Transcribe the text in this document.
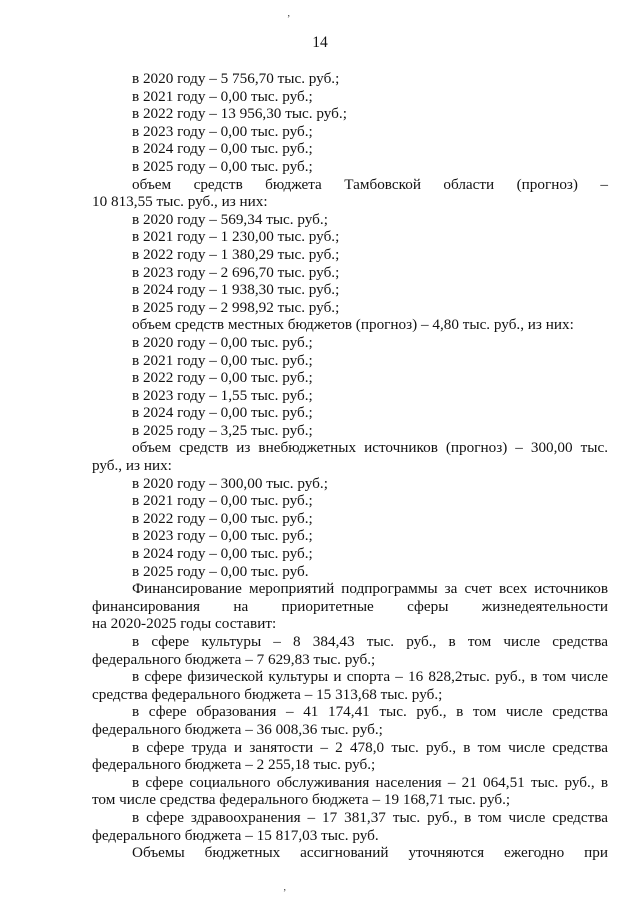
ʼ
14
в 2020 году – 5 756,70 тыс. руб.;
в 2021 году – 0,00 тыс. руб.;
в 2022 году – 13 956,30 тыс. руб.;
в 2023 году – 0,00 тыс. руб.;
в 2024 году – 0,00 тыс. руб.;
в 2025 году – 0,00 тыс. руб.;
объем средств бюджета Тамбовской области (прогноз) –
10 813,55 тыс. руб., из них:
в 2020 году – 569,34 тыс. руб.;
в 2021 году – 1 230,00 тыс. руб.;
в 2022 году – 1 380,29 тыс. руб.;
в 2023 году – 2 696,70 тыс. руб.;
в 2024 году – 1 938,30 тыс. руб.;
в 2025 году – 2 998,92 тыс. руб.;
объем средств местных бюджетов (прогноз) – 4,80 тыс. руб., из них:
в 2020 году – 0,00 тыс. руб.;
в 2021 году – 0,00 тыс. руб.;
в 2022 году – 0,00 тыс. руб.;
в 2023 году – 1,55 тыс. руб.;
в 2024 году – 0,00 тыс. руб.;
в 2025 году – 3,25 тыс. руб.;
объем средств из внебюджетных источников (прогноз) – 300,00 тыс.
руб., из них:
в 2020 году – 300,00 тыс. руб.;
в 2021 году – 0,00 тыс. руб.;
в 2022 году – 0,00 тыс. руб.;
в 2023 году – 0,00 тыс. руб.;
в 2024 году – 0,00 тыс. руб.;
в 2025 году – 0,00 тыс. руб.
Финансирование мероприятий подпрограммы за счет всех источников
финансирования на приоритетные сферы жизнедеятельности
на 2020-2025 годы составит:
в сфере культуры – 8 384,43 тыс. руб., в том числе средства
федерального бюджета – 7 629,83 тыс. руб.;
в сфере физической культуры и спорта – 16 828,2тыс. руб., в том числе
средства федерального бюджета – 15 313,68 тыс. руб.;
в сфере образования – 41 174,41 тыс. руб., в том числе средства
федерального бюджета – 36 008,36 тыс. руб.;
в сфере труда и занятости – 2 478,0 тыс. руб., в том числе средства
федерального бюджета – 2 255,18 тыс. руб.;
в сфере социального обслуживания населения – 21 064,51 тыс. руб., в
том числе средства федерального бюджета – 19 168,71 тыс. руб.;
в сфере здравоохранения – 17 381,37 тыс. руб., в том числе средства
федерального бюджета – 15 817,03 тыс. руб.
Объемы бюджетных ассигнований уточняются ежегодно при
ʼ
